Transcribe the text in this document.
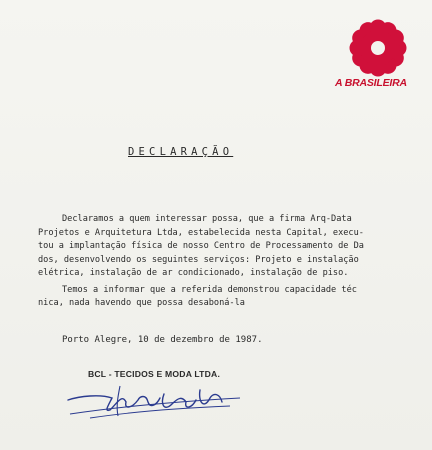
A BRASILEIRA
DECLARAÇÃO
Declaramos a quem interessar possa, que a firma Arq-Data
Projetos e Arquitetura Ltda, estabelecida nesta Capital, execu-
tou a implantação física de nosso Centro de Processamento de Da
dos, desenvolvendo os seguintes serviços: Projeto e instalação
elétrica, instalação de ar condicionado, instalação de piso.
Temos a informar que a referida demonstrou capacidade téc
nica, nada havendo que possa desaboná-la
Porto Alegre, 10 de dezembro de 1987.
BCL - TECIDOS E MODA LTDA.
